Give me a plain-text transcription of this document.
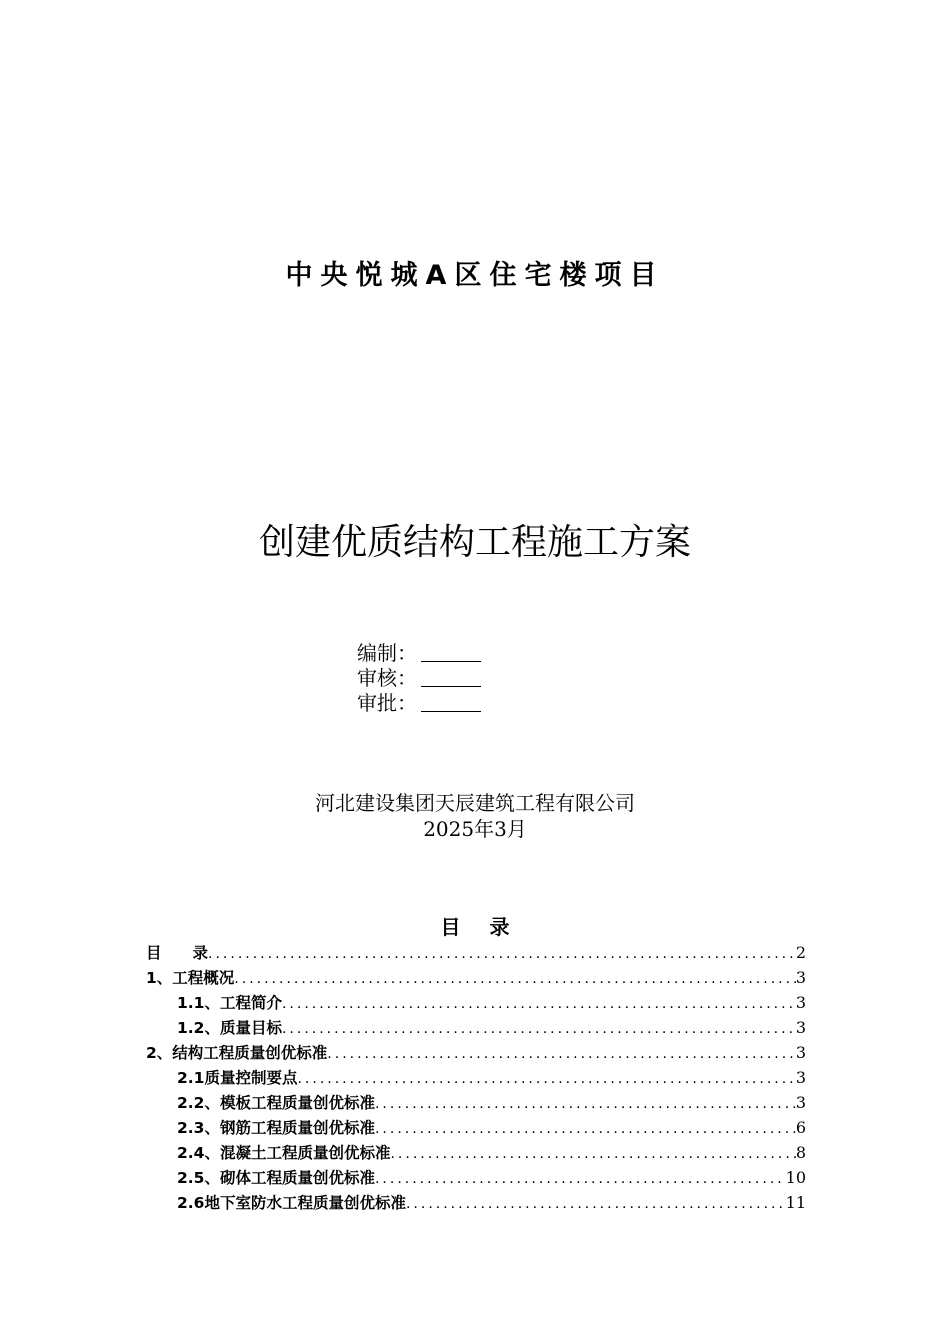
中央悦城A区住宅楼项目
创建优质结构工程施工方案
编制：
审核：
审批：
河北建设集团天辰建筑工程有限公司
2025年3月
目 录
目　　录 .....	2
1、工程概况 .....	3
1.1、工程简介 .....	3
1.2、质量目标 .....	3
2、结构工程质量创优标准 .....	3
2.1质量控制要点 .....	3
2.2、模板工程质量创优标准 .....	3
2.3、钢筋工程质量创优标准 .....	6
2.4、混凝土工程质量创优标准 .....	8
2.5、砌体工程质量创优标准 .....	10
2.6地下室防水工程质量创优标准 .....	11
